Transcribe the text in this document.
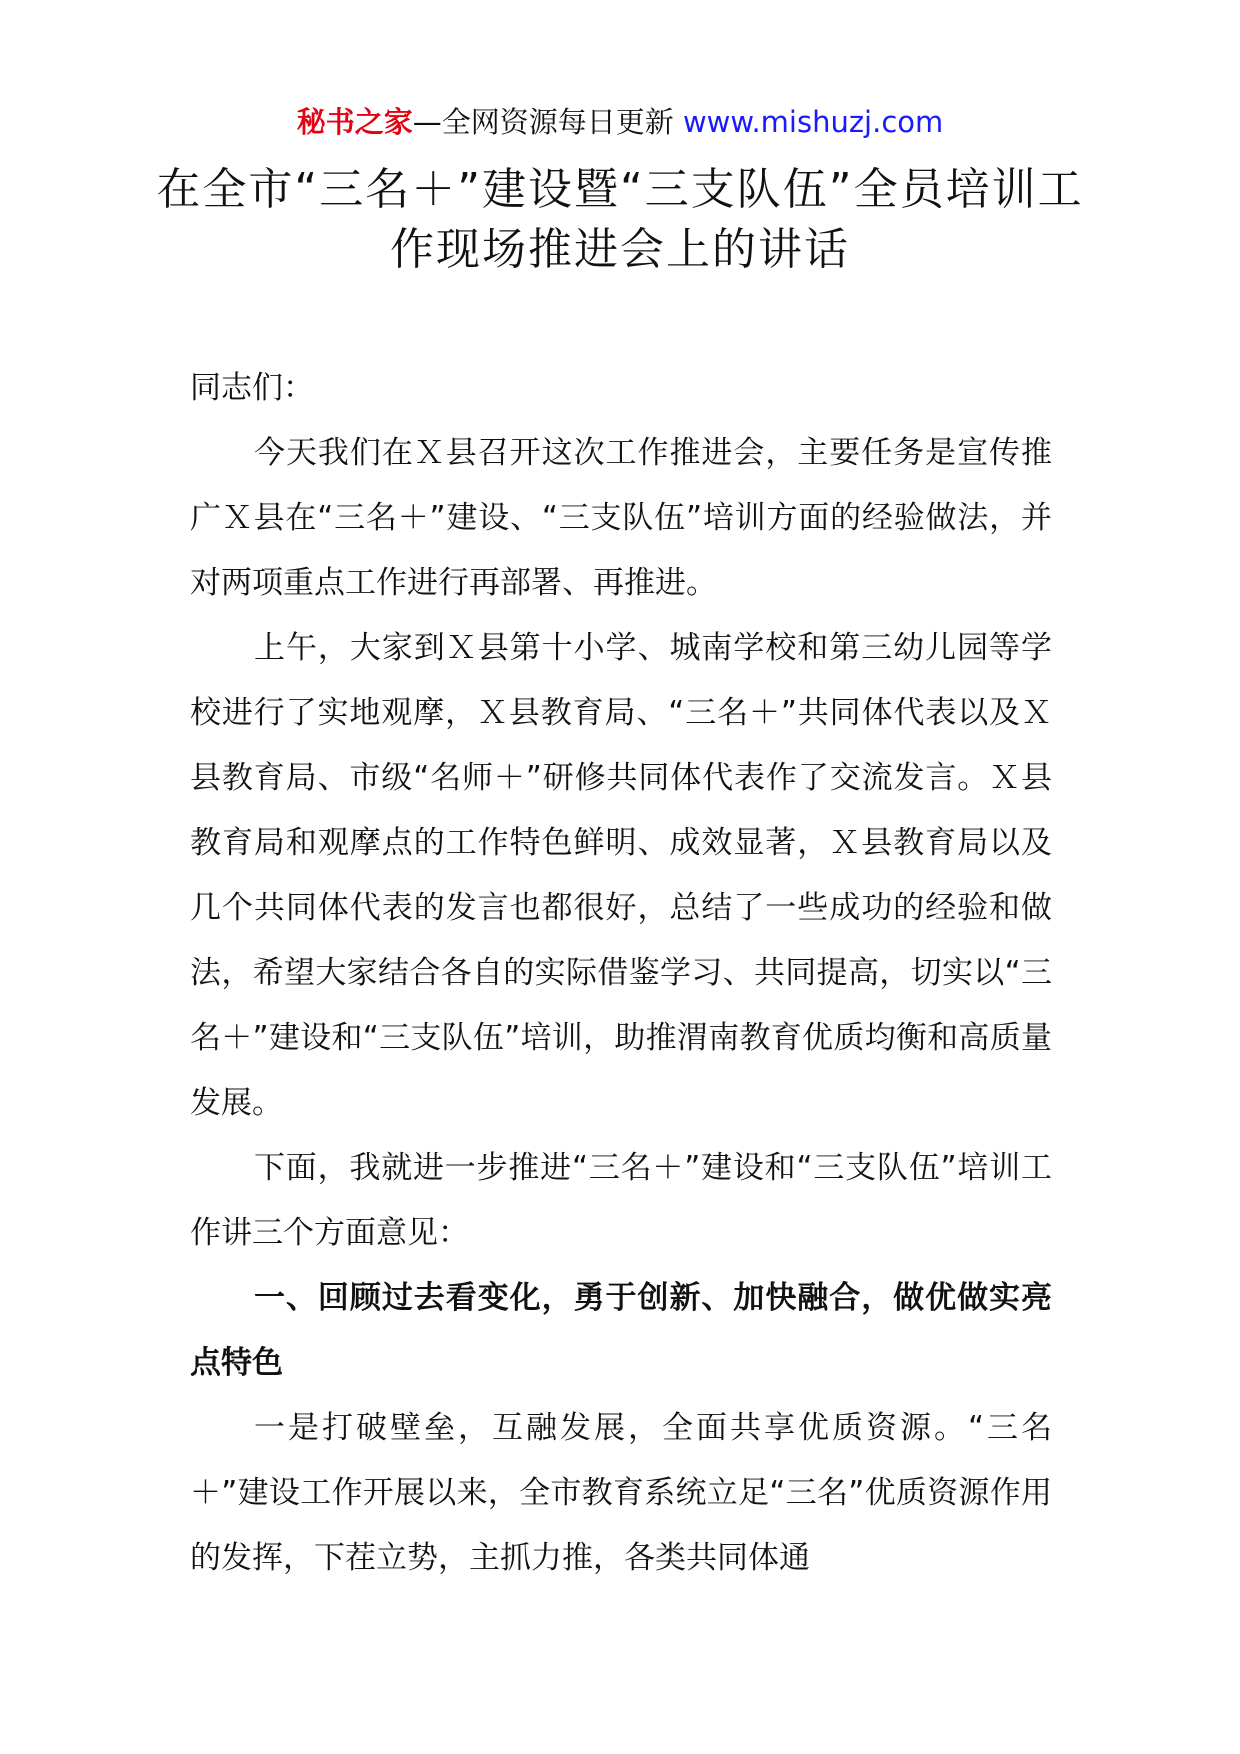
秘书之家—全网资源每日更新 www.mishuzj.com
在全市“三名＋”建设暨“三支队伍”全员培训工作现场推进会上的讲话

同志们：

今天我们在Ｘ县召开这次工作推进会，主要任务是宣传推广Ｘ县在“三名＋”建设、“三支队伍”培训方面的经验做法，并对两项重点工作进行再部署、再推进。

上午，大家到Ｘ县第十小学、城南学校和第三幼儿园等学校进行了实地观摩，Ｘ县教育局、“三名＋”共同体代表以及Ｘ县教育局、市级“名师＋”研修共同体代表作了交流发言。Ｘ县教育局和观摩点的工作特色鲜明、成效显著，Ｘ县教育局以及几个共同体代表的发言也都很好，总结了一些成功的经验和做法，希望大家结合各自的实际借鉴学习、共同提高，切实以“三名＋”建设和“三支队伍”培训，助推渭南教育优质均衡和高质量发展。

下面，我就进一步推进“三名＋”建设和“三支队伍”培训工作讲三个方面意见：

一、回顾过去看变化，勇于创新、加快融合，做优做实亮点特色

一是打破壁垒，互融发展，全面共享优质资源。“三名＋”建设工作开展以来，全市教育系统立足“三名”优质资源作用的发挥，下茬立势，主抓力推，各类共同体通
